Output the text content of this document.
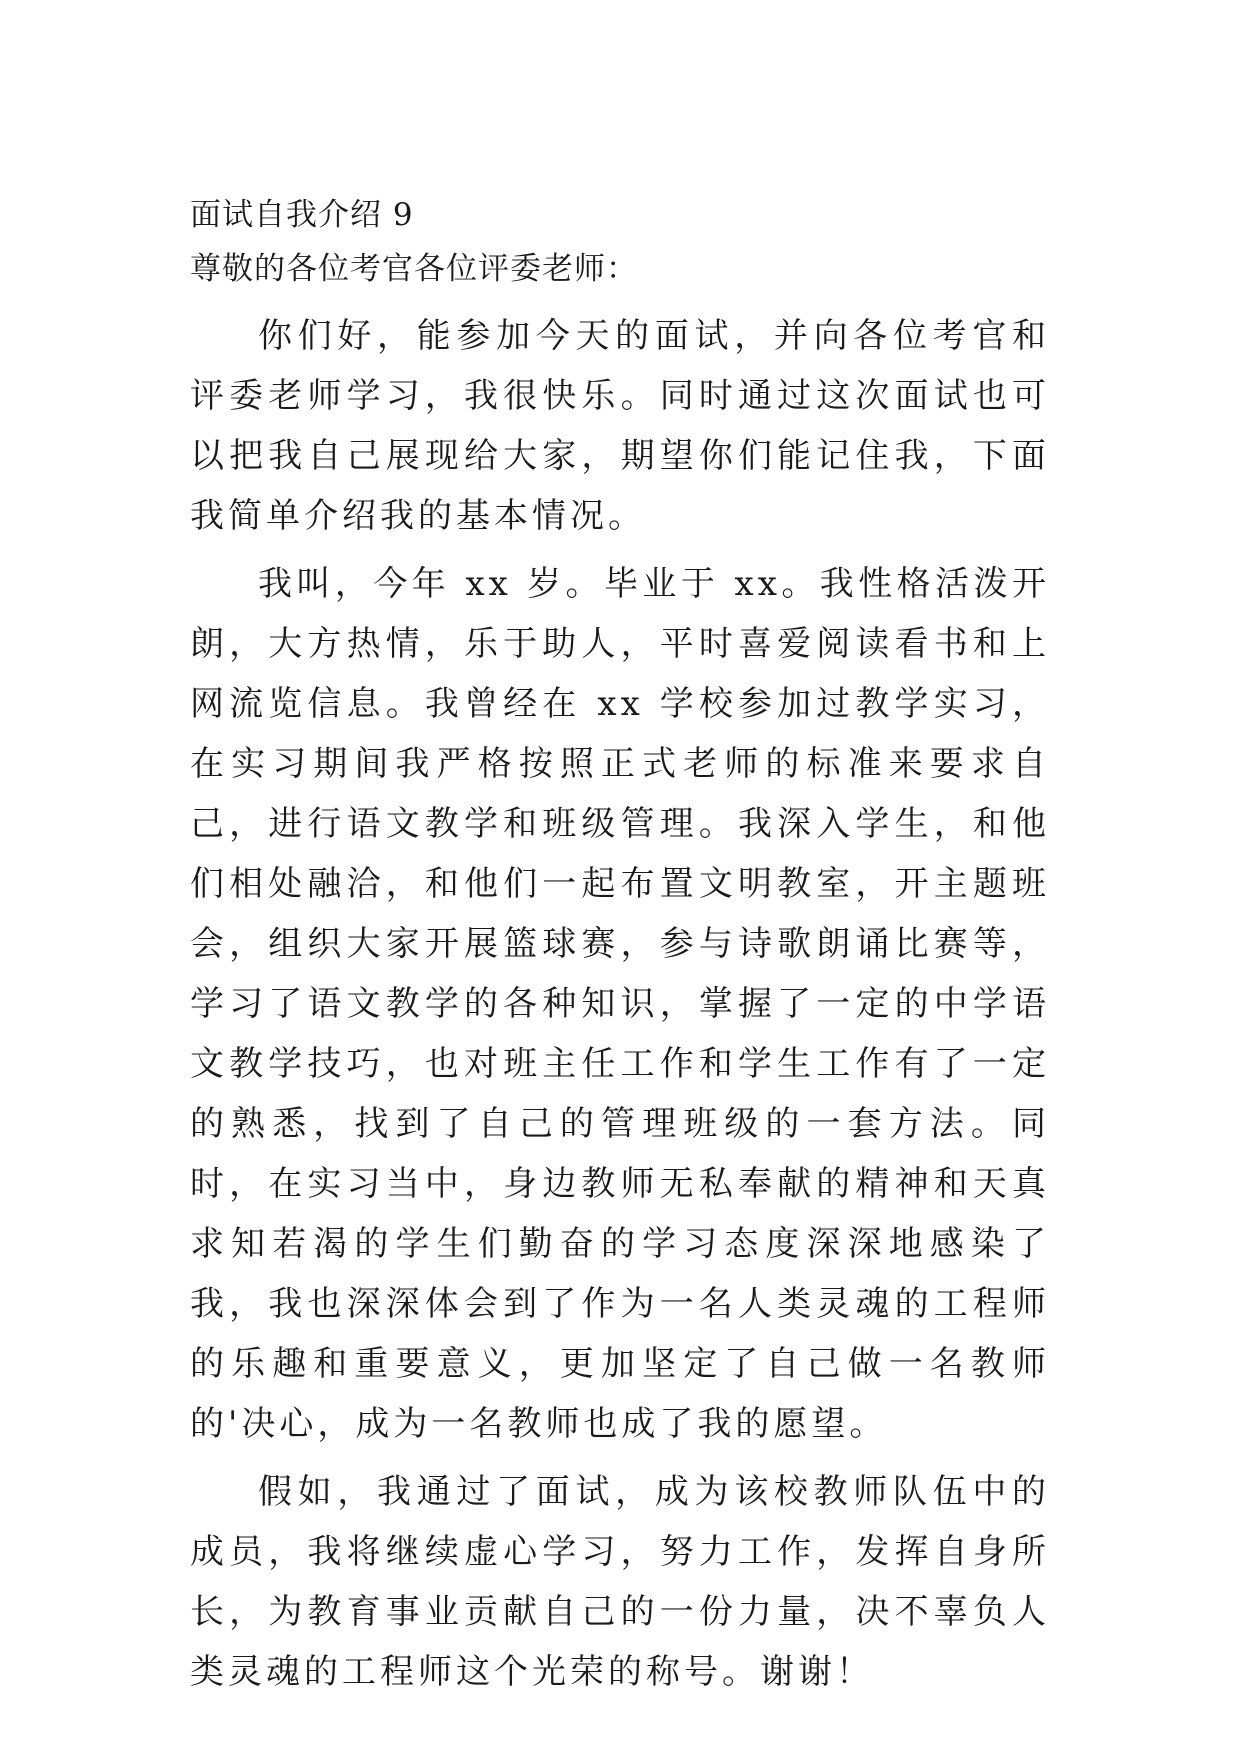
面试自我介绍 9

尊敬的各位考官各位评委老师：

你们好，能参加今天的面试，并向各位考官和评委老师学习，我很快乐。同时通过这次面试也可以把我自己展现给大家，期望你们能记住我，下面我简单介绍我的基本情况。

我叫，今年 xx 岁。毕业于 xx。我性格活泼开朗，大方热情，乐于助人，平时喜爱阅读看书和上网流览信息。我曾经在 xx 学校参加过教学实习，在实习期间我严格按照正式老师的标准来要求自己，进行语文教学和班级管理。我深入学生，和他们相处融洽，和他们一起布置文明教室，开主题班会，组织大家开展篮球赛，参与诗歌朗诵比赛等，学习了语文教学的各种知识，掌握了一定的中学语文教学技巧，也对班主任工作和学生工作有了一定的熟悉，找到了自己的管理班级的一套方法。同时，在实习当中，身边教师无私奉献的精神和天真求知若渴的学生们勤奋的学习态度深深地感染了我，我也深深体会到了作为一名人类灵魂的工程师的乐趣和重要意义，更加坚定了自己做一名教师的'决心，成为一名教师也成了我的愿望。

假如，我通过了面试，成为该校教师队伍中的成员，我将继续虚心学习，努力工作，发挥自身所长，为教育事业贡献自己的一份力量，决不辜负人类灵魂的工程师这个光荣的称号。谢谢！
